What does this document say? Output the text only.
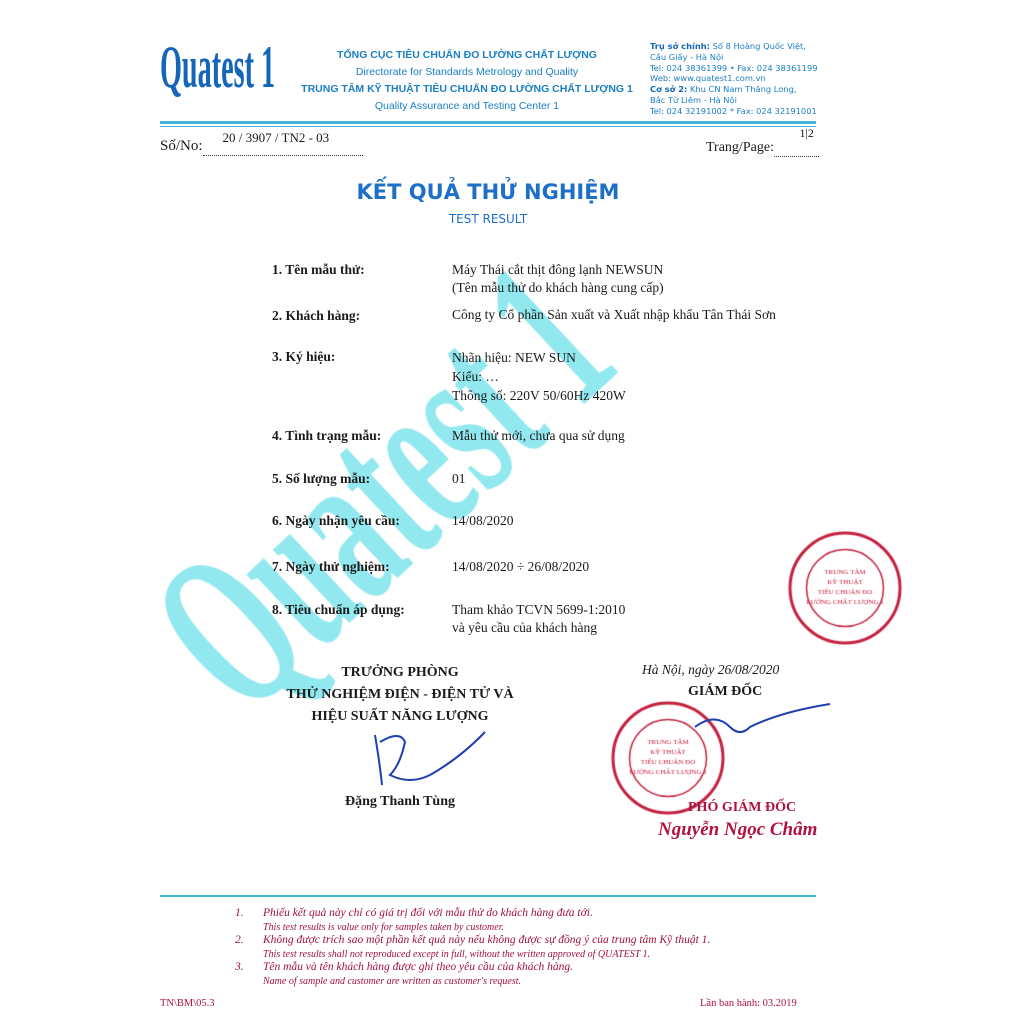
Quatest 1	TỔNG CỤC TIÊU CHUẨN ĐO LƯỜNG CHẤT LƯỢNG
Directorate for Standards Metrology and Quality
TRUNG TÂM KỸ THUẬT TIÊU CHUẨN ĐO LƯỜNG CHẤT LƯỢNG 1
Quality Assurance and Testing Center 1
Trụ sở chính: Số 8 Hoàng Quốc Việt,
Cầu Giấy - Hà Nội
Tel: 024 38361399 • Fax: 024 38361199
Web: www.quatest1.com.vn
Cơ sở 2: Khu CN Nam Thăng Long,
Bắc Từ Liêm - Hà Nội
Tel: 024 32191002 * Fax: 024 32191001
Số/No:
20 / 3907 / TN2 - 03

Trang/Page:
1|2

KẾT QUẢ THỬ NGHIỆM
TEST RESULT
1. Tên mẫu thử:	Máy Thái cắt thịt đông lạnh NEWSUN
(Tên mẫu thử do khách hàng cung cấp)
2. Khách hàng:	Công ty Cổ phần Sản xuất và Xuất nhập khẩu Tân Thái Sơn
3. Ký hiệu:	Nhãn hiệu: NEW SUN
Kiểu: …
Thông số: 220V 50/60Hz 420W
4. Tình trạng mẫu:	Mẫu thử mới, chưa qua sử dụng
5. Số lượng mẫu:	01
6. Ngày nhận yêu cầu:	14/08/2020
7. Ngày thử nghiệm:	14/08/2020 ÷ 26/08/2020
8. Tiêu chuẩn áp dụng:	Tham khảo TCVN 5699-1:2010
và yêu cầu của khách hàng
TRƯỞNG PHÒNG
THỬ NGHIỆM ĐIỆN - ĐIỆN TỬ VÀ
HIỆU SUẤT NĂNG LƯỢNG
Đặng Thanh Tùng
Hà Nội, ngày 26/08/2020
GIÁM ĐỐC
PHÓ GIÁM ĐỐC
Nguyễn Ngọc Châm
1. Phiếu kết quả này chỉ có giá trị đối với mẫu thử do khách hàng đưa tới.
This test results is value only for samples taken by customer.
2. Không được trích sao một phần kết quả này nếu không được sự đồng ý của trung tâm Kỹ thuật 1.
This test results shall not reproduced except in full, without the written approved of QUATEST 1.
3. Tên mẫu và tên khách hàng được ghi theo yêu cầu của khách hàng.
Name of sample and customer are written as customer's request.
TN\BM\05.3	Lần ban hành: 03.2019
